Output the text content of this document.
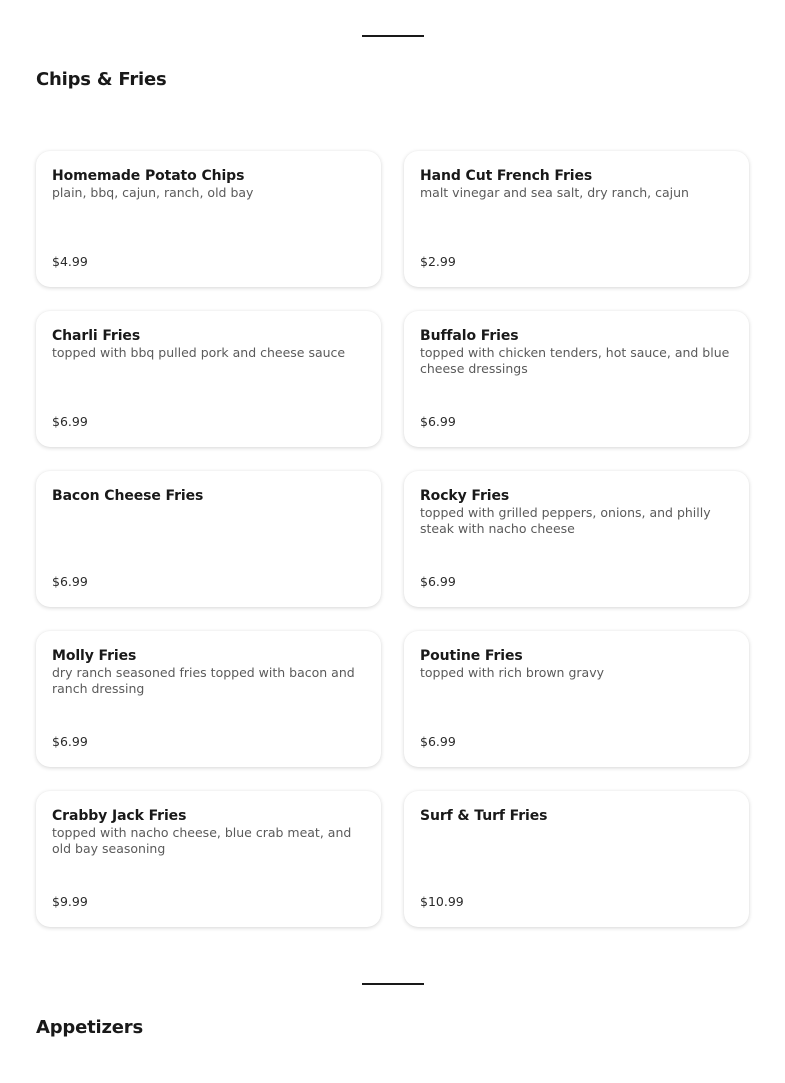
Chips & Fries
Homemade Potato Chips
plain, bbq, cajun, ranch, old bay
$4.99
Hand Cut French Fries
malt vinegar and sea salt, dry ranch, cajun
$2.99
Charli Fries
topped with bbq pulled pork and cheese sauce
$6.99
Buffalo Fries
topped with chicken tenders, hot sauce, and blue cheese dressings
$6.99
Bacon Cheese Fries
$6.99
Rocky Fries
topped with grilled peppers, onions, and philly steak with nacho cheese
$6.99
Molly Fries
dry ranch seasoned fries topped with bacon and ranch dressing
$6.99
Poutine Fries
topped with rich brown gravy
$6.99
Crabby Jack Fries
topped with nacho cheese, blue crab meat, and old bay seasoning
$9.99
Surf & Turf Fries
$10.99
Appetizers
